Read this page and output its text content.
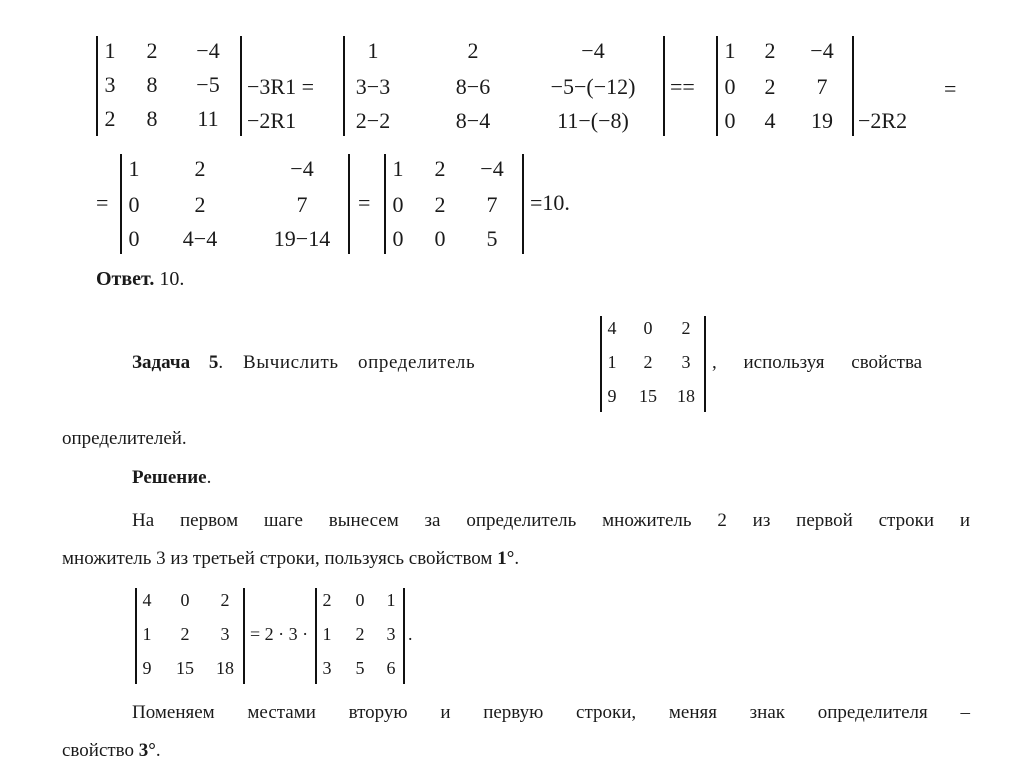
1 2 −4
3 8 −5
2 8 11
−3R1 =
−2R1
1	2	−4
3−3	8−6	−5−(−12)
2−2	8−4	11−(−8)
==
1 2 −4
0 2 7
0 4 19 −2R2
=
=
1	2	−4
0	2	7
0 4−4	19−14
=
1 2 −4
0 2 7
0 0 5
=10.
Ответ. 10.
Задача 5. Вычислить определитель
4 0 2
1 2 3
9 15 18
, используя свойства
определителей.
Решение.
На первом шаге вынесем за определитель множитель 2 из первой строки и
множитель 3 из третьей строки, пользуясь свойством 1°.
4 0 2
1 2 3
9 15 18
= 2 · 3 ·
2 0 1
1 2 3
3 5 6
.
Поменяем местами вторую и первую строки, меняя знак определителя –
свойство 3°.
